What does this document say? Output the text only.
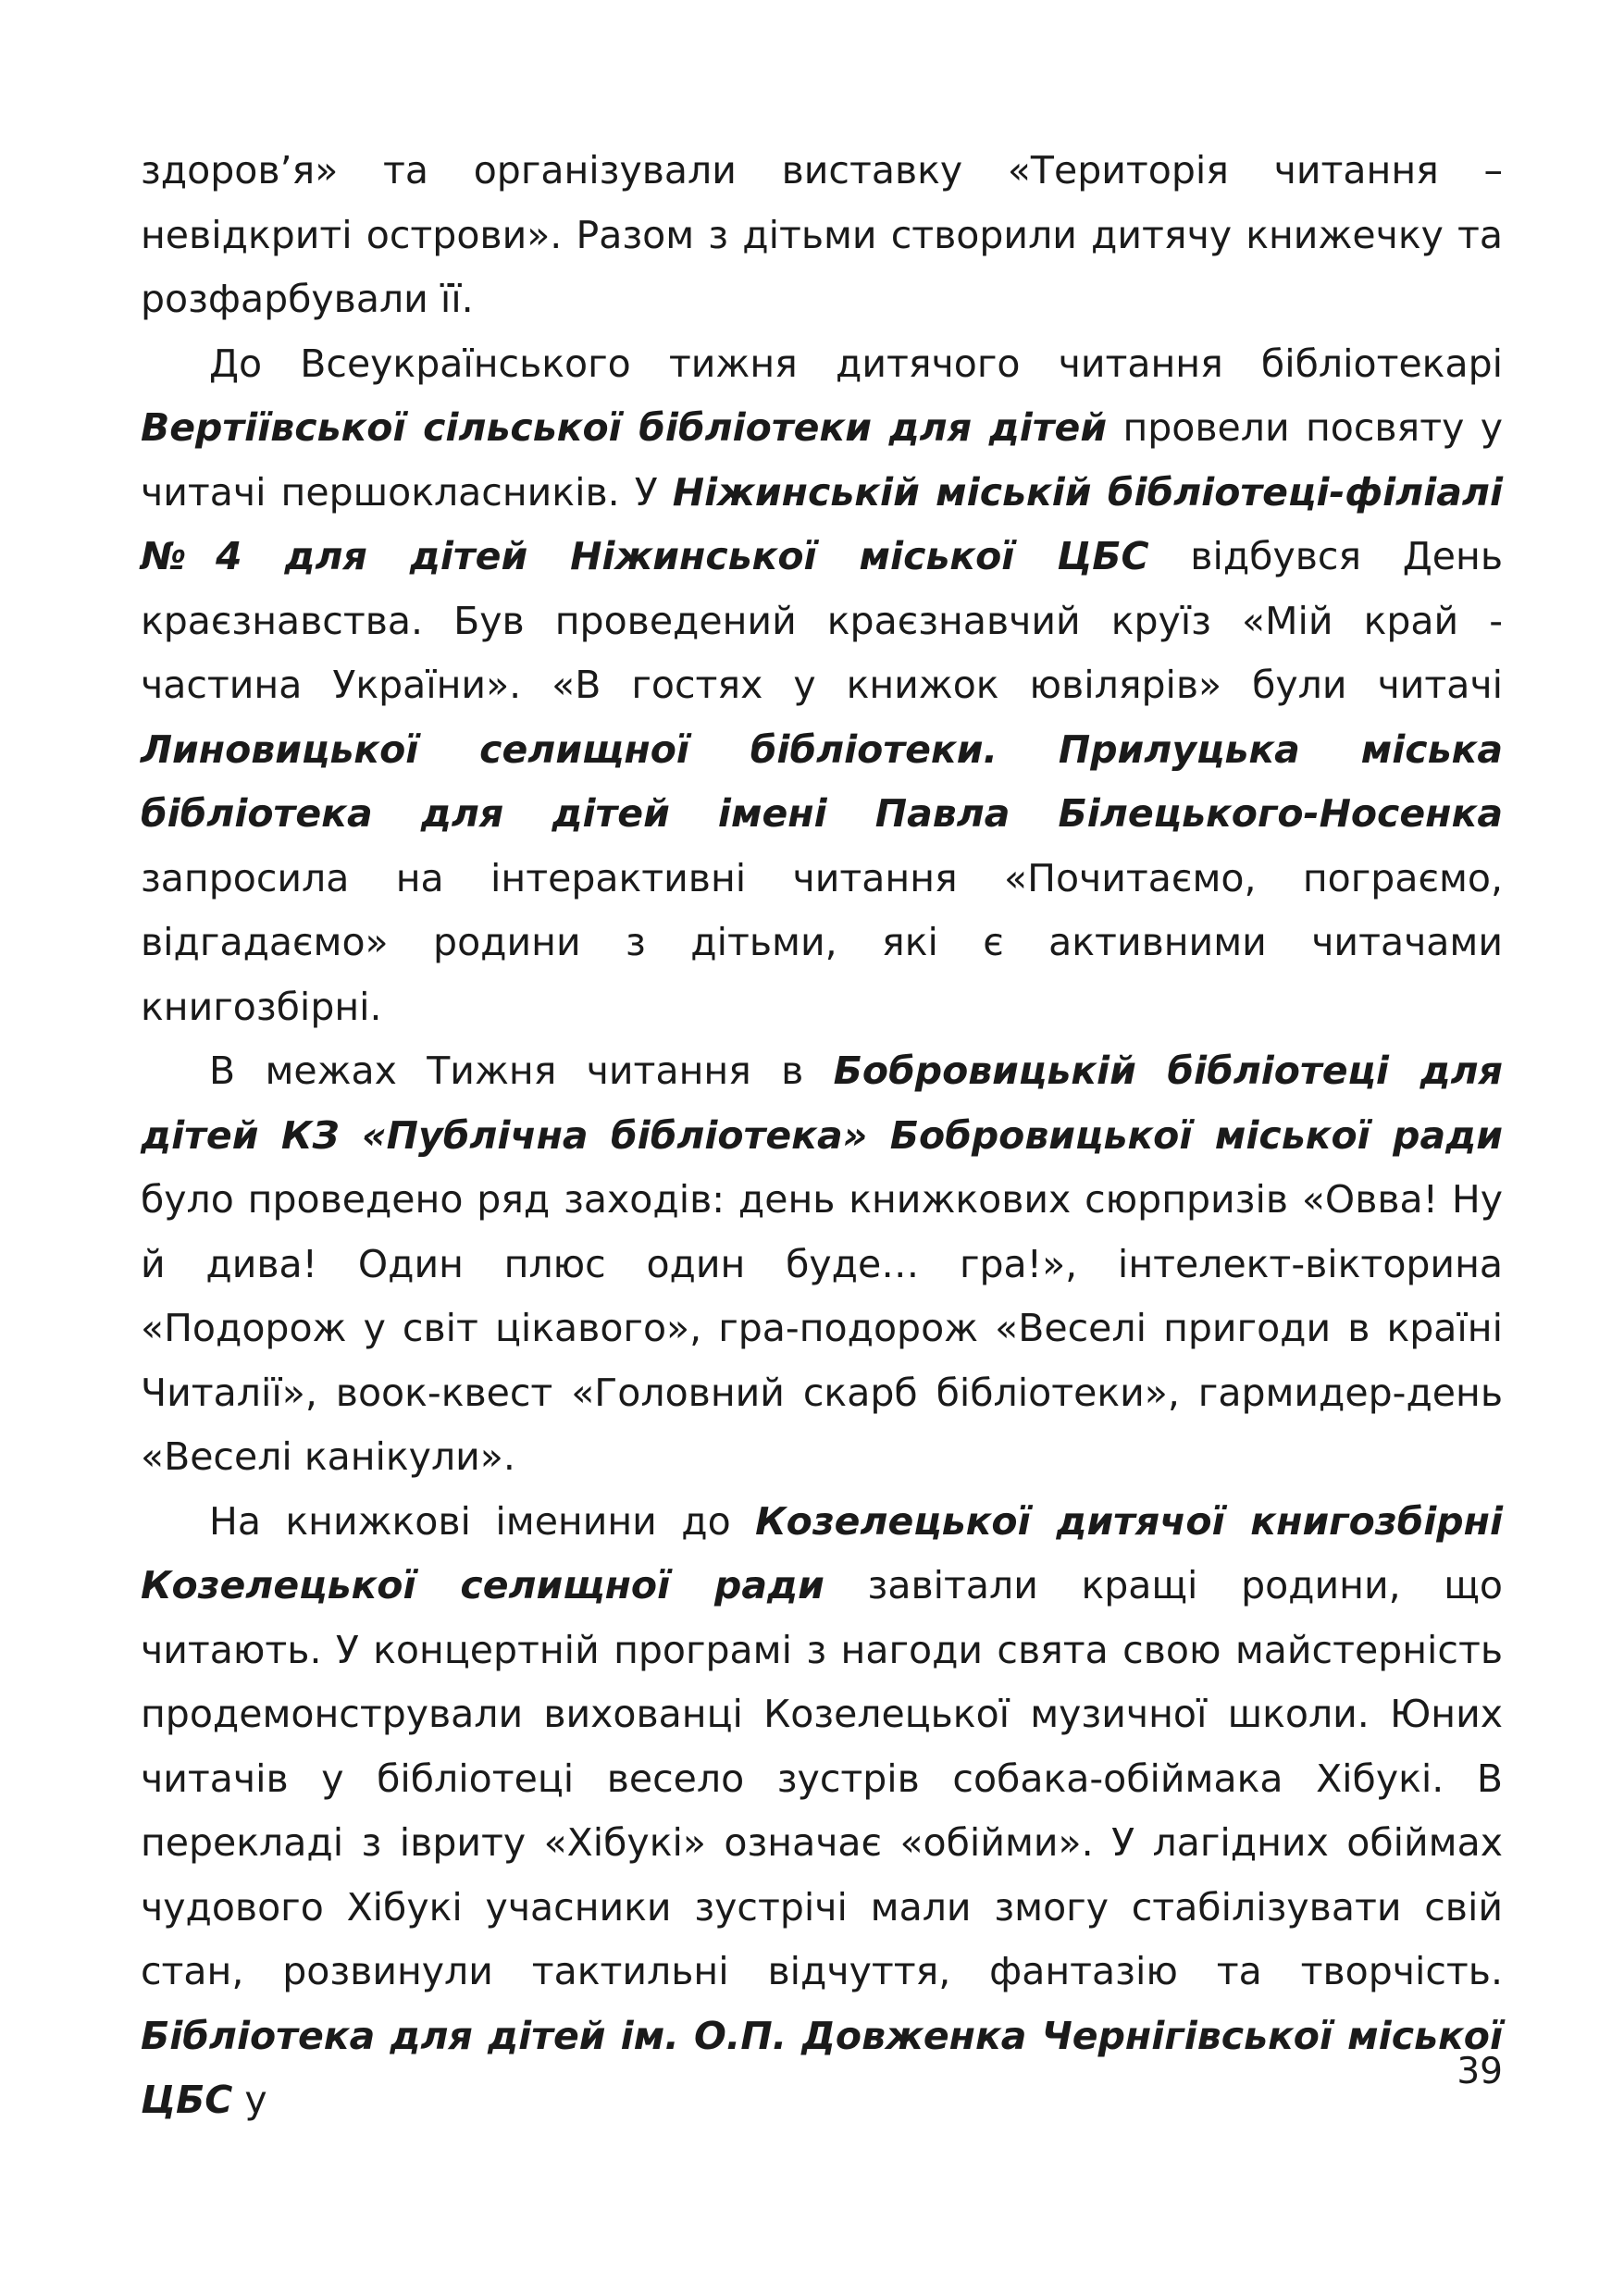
здоров’я» та організували виставку «Територія читання – невідкриті острови». Разом з дітьми створили дитячу книжечку та розфарбували її.

До Всеукраїнського тижня дитячого читання бібліотекарі Вертіївської сільської бібліотеки для дітей провели посвяту у читачі першокласників. У Ніжинській міській бібліотеці-філіалі №4 для дітей Ніжинської міської ЦБС відбувся День краєзнавства. Був проведений краєзнавчий круїз «Мій край - частина України». «В гостях у книжок ювілярів» були читачі Линовицької селищної бібліотеки. Прилуцька міська бібліотека для дітей імені Павла Білецького-Носенка запросила на інтерактивні читання «Почитаємо, пограємо, відгадаємо» родини з дітьми, які є активними читачами книгозбірні.

В межах Тижня читання в Бобровицькій бібліотеці для дітей КЗ «Публічна бібліотека» Бобровицької міської ради було проведено ряд заходів: день книжкових сюрпризів «Овва! Ну й дива! Один плюс один буде… гра!», інтелект-вікторина «Подорож у світ цікавого», гра-подорож «Веселі пригоди в країні Читалії», воок-квест «Головний скарб бібліотеки», гармидер-день «Веселі канікули».

На книжкові іменини до Козелецької дитячої книгозбірні Козелецької селищної ради завітали кращі родини, що читають. У концертній програмі з нагоди свята свою майстерність продемонстрували вихованці Козелецької музичної школи. Юних читачів у бібліотеці весело зустрів собака-обіймака Хібукі. В перекладі з івриту «Хібукі» означає «обійми». У лагідних обіймах чудового Хібукі учасники зустрічі мали змогу стабілізувати свій стан, розвинули тактильні відчуття, фантазію та творчість. Бібліотека для дітей ім. О.П. Довженка Чернігівської міської ЦБС у

39
